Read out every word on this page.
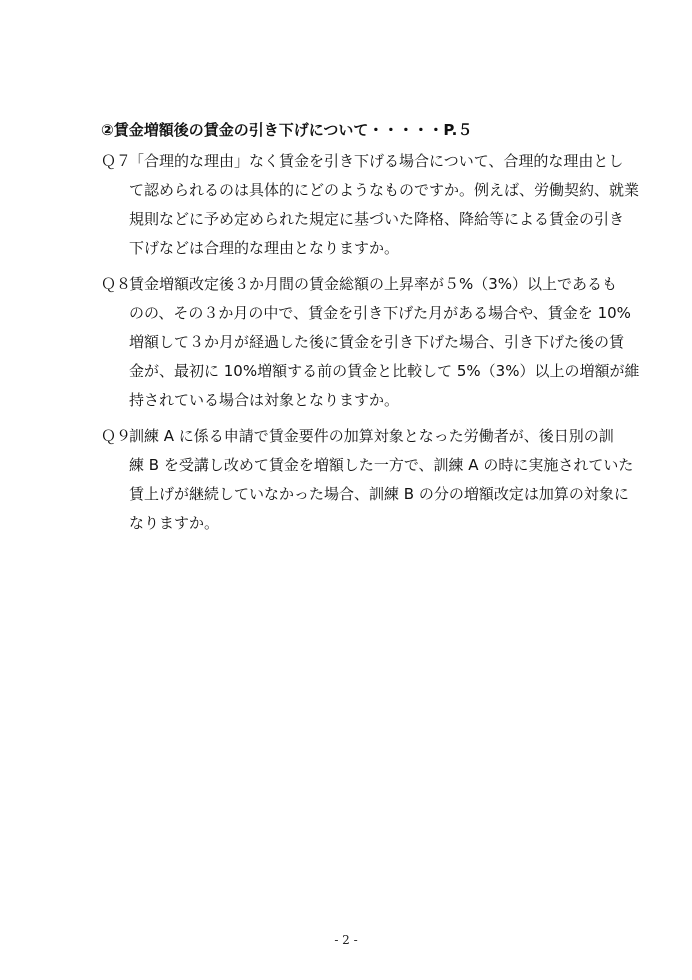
②賃金増額後の賃金の引き下げについて・・・・・P.５
Ｑ７
「合理的な理由」なく賃金を引き下げる場合について、合理的な理由とし
て認められるのは具体的にどのようなものですか。例えば、労働契約、就業
規則などに予め定められた規定に基づいた降格、降給等による賃金の引き
下げなどは合理的な理由となりますか。
Ｑ８
賃金増額改定後３か月間の賃金総額の上昇率が５%（3%）以上であるも
のの、その３か月の中で、賃金を引き下げた月がある場合や、賃金を 10%
増額して３か月が経過した後に賃金を引き下げた場合、引き下げた後の賃
金が、最初に 10%増額する前の賃金と比較して 5%（3%）以上の増額が維
持されている場合は対象となりますか。
Ｑ９
訓練 A に係る申請で賃金要件の加算対象となった労働者が、後日別の訓
練 B を受講し改めて賃金を増額した一方で、訓練 A の時に実施されていた
賃上げが継続していなかった場合、訓練 B の分の増額改定は加算の対象に
なりますか。
- 2 -
